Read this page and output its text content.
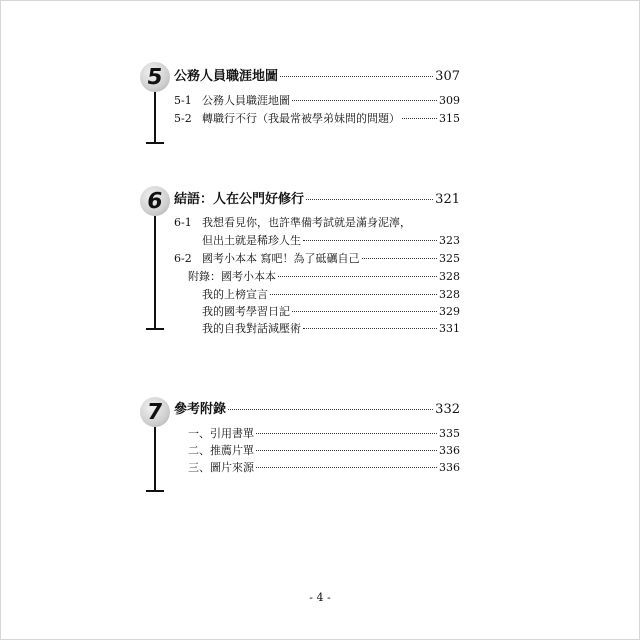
5 公務人員職涯地圖	307
5-1 公務人員職涯地圖	309
5-2 轉職行不行（我最常被學弟妹問的問題）	315
6 結語：人在公門好修行	321
6-1 我想看見你，也許準備考試就是滿身泥濘，
但出土就是稀珍人生	323
6-2 國考小本本 寫吧！為了砥礪自己	325
附錄：國考小本本	328
我的上榜宣言	328
我的國考學習日記	329
我的自我對話減壓術	331
7 參考附錄	332
一、引用書單	335
二、推薦片單	336
三、圖片來源	336
- 4 -
